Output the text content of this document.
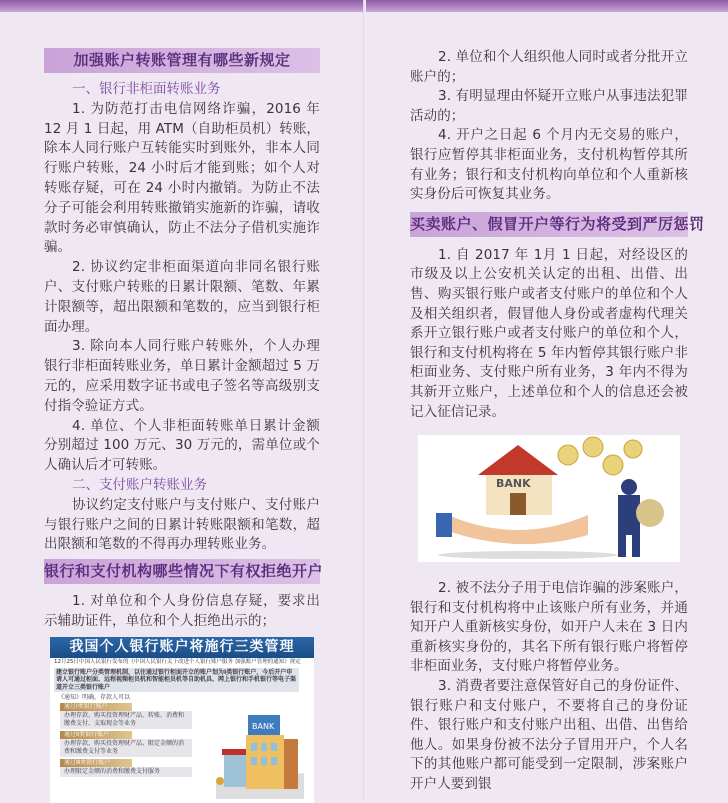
加强账户转账管理有哪些新规定
一、银行非柜面转账业务

1. 为防范打击电信网络诈骗，2016 年 12 月 1 日起，用 ATM（自助柜员机）转账，除本人同行账户互转能实时到账外，非本人同行账户转账，24 小时后才能到账；如个人对转账存疑，可在 24 小时内撤销。为防止不法分子可能会利用转账撤销实施新的诈骗，请收款时务必审慎确认，防止不法分子借机实施诈骗。

2. 协议约定非柜面渠道向非同名银行账户、支付账户转账的日累计限额、笔数、年累计限额等，超出限额和笔数的，应当到银行柜面办理。

3. 除向本人同行账户转账外，个人办理银行非柜面转账业务，单日累计金额超过 5 万元的，应采用数字证书或电子签名等高级别支付指令验证方式。

4. 单位、个人非柜面转账单日累计金额分别超过 100 万元、30 万元的，需单位或个人确认后才可转账。

二、支付账户转账业务

协议约定支付账户与支付账户、支付账户与银行账户之间的日累计转账限额和笔数，超出限额和笔数的不得再办理转账业务。

银行和支付机构哪些情况下有权拒绝开户

1. 对单位和个人身份信息存疑，要求出示辅助证件，单位和个人拒绝出示的；

我国个人银行账户将施行三类管理
12月25日中国人民银行发布的《中国人民银行关于改进个人银行账户服务 加强账户管理的通知》规定
建立银行账户分类管理机制，以往通过银行柜面开立的账户划为Ⅰ类银行账户，今后开户申请人可通过柜面、远程视频柜员机和智能柜员机等自助机具、网上银行和手机银行等电子渠道开立三类银行账户
《通知》明确，存款人可以
通过Ⅰ类银行账户
办理存款、购买投资理财产品、转账、消费和缴费支付、支取现金等业务
通过Ⅱ类银行账户
办理存款、购买投资理财产品、限定金额的消费和缴费支付等业务
通过Ⅲ类银行账户
办理限定金额的消费和缴费支付服务
BANK

2. 单位和个人组织他人同时或者分批开立账户的；

3. 有明显理由怀疑开立账户从事违法犯罪活动的；

4. 开户之日起 6 个月内无交易的账户，银行应暂停其非柜面业务，支付机构暂停其所有业务；银行和支付机构向单位和个人重新核实身份后可恢复其业务。

买卖账户、假冒开户等行为将受到严厉惩罚

1. 自 2017 年 1月 1 日起，对经设区的市级及以上公安机关认定的出租、出借、出售、购买银行账户或者支付账户的单位和个人及相关组织者，假冒他人身份或者虚构代理关系开立银行账户或者支付账户的单位和个人，银行和支付机构将在 5 年内暂停其银行账户非柜面业务、支付账户所有业务，3 年内不得为其新开立账户，上述单位和个人的信息还会被记入征信记录。

BANK

2. 被不法分子用于电信诈骗的涉案账户，银行和支付机构将中止该账户所有业务，并通知开户人重新核实身份，如开户人未在 3 日内重新核实身份的，其名下所有银行账户将暂停非柜面业务，支付账户将暂停业务。

3. 消费者要注意保管好自己的身份证件、银行账户和支付账户，不要将自己的身份证件、银行账户和支付账户出租、出借、出售给他人。如果身份被不法分子冒用开户，个人名下的其他账户都可能受到一定限制，涉案账户开户人要到银
